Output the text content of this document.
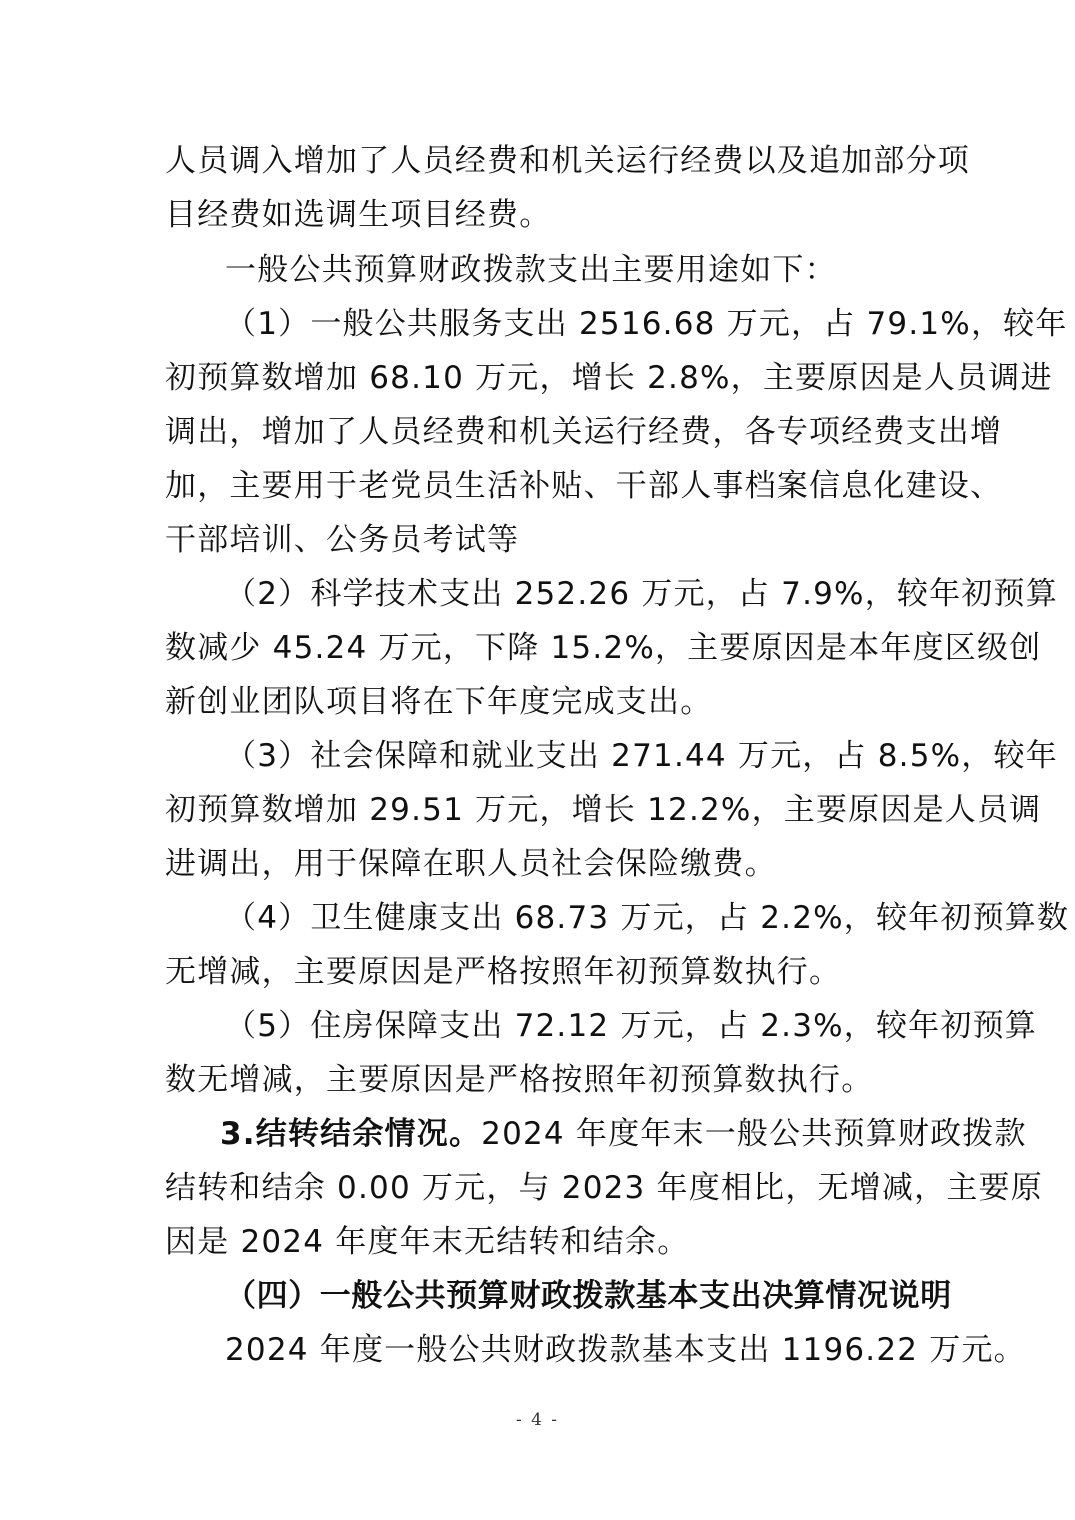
人员调入增加了人员经费和机关运行经费以及追加部分项
目经费如选调生项目经费。
一般公共预算财政拨款支出主要用途如下：
（1）一般公共服务支出 2516.68 万元，占 79.1%，较年
初预算数增加 68.10 万元，增长 2.8%，主要原因是人员调进
调出，增加了人员经费和机关运行经费，各专项经费支出增
加，主要用于老党员生活补贴、干部人事档案信息化建设、
干部培训、公务员考试等
（2）科学技术支出 252.26 万元，占 7.9%，较年初预算
数减少 45.24 万元，下降 15.2%，主要原因是本年度区级创
新创业团队项目将在下年度完成支出。
（3）社会保障和就业支出 271.44 万元，占 8.5%，较年
初预算数增加 29.51 万元，增长 12.2%，主要原因是人员调
进调出，用于保障在职人员社会保险缴费。
（4）卫生健康支出 68.73 万元，占 2.2%，较年初预算数
无增减，主要原因是严格按照年初预算数执行。
（5）住房保障支出 72.12 万元，占 2.3%，较年初预算
数无增减，主要原因是严格按照年初预算数执行。
3.结转结余情况。2024 年度年末一般公共预算财政拨款
结转和结余 0.00 万元，与 2023 年度相比，无增减，主要原
因是 2024 年度年末无结转和结余。
（四）一般公共预算财政拨款基本支出决算情况说明
2024 年度一般公共财政拨款基本支出 1196.22 万元。
- 4 -
